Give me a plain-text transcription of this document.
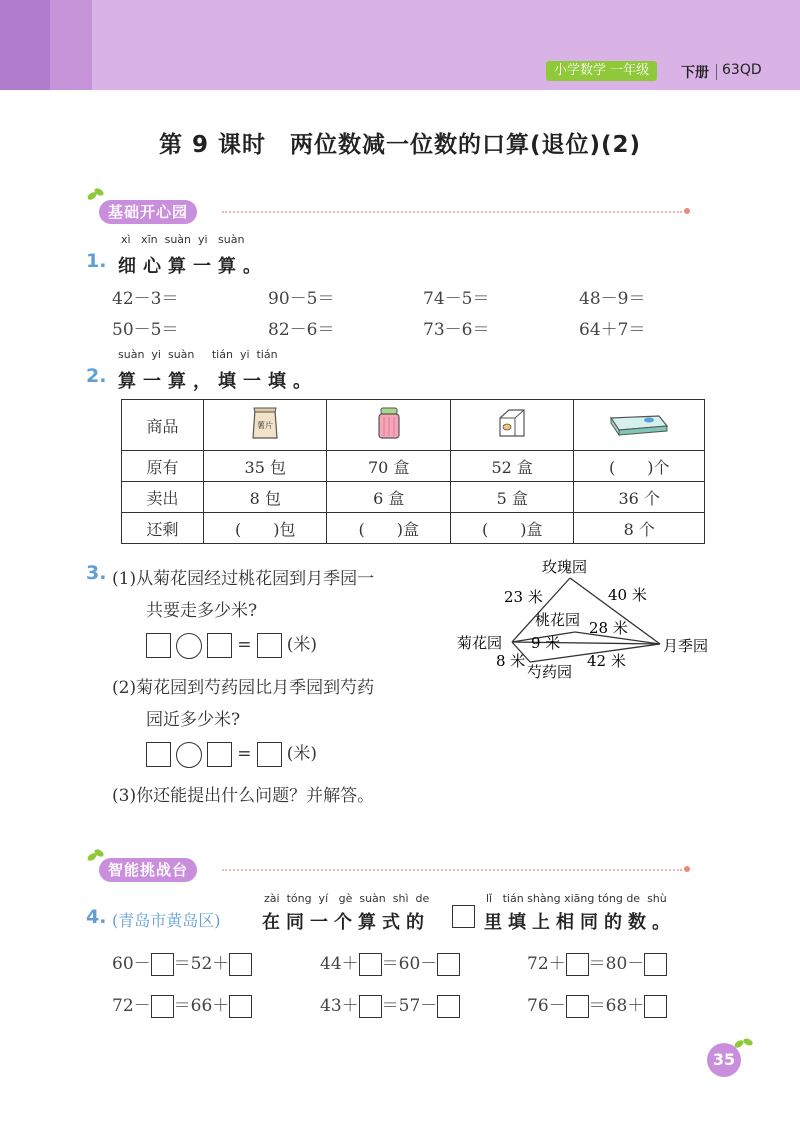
小学数学 一年级	下册 63QD
第 9 课时　两位数减一位数的口算(退位)(2)
基础开心园
xì   xīn  suàn  yi   suàn
1. 细心算一算。
42－3＝	90－5＝	74－5＝	48－9＝
50－5＝	82－6＝	73－6＝	64＋7＝
suàn  yi  suàn     tián  yi  tián
2. 算一算，填一填。
商品	薯片

原有	35 包	70 盒	52 盒	(　　)个
卖出	8 包	6 盒	5 盒	36 个
还剩	(　　)包	(　　)盒	(　　)盒	8 个
3. (1)从菊花园经过桃花园到月季园一
共要走多少米?
= (米)
(2)菊花园到芍药园比月季园到芍药
园近多少米?
= (米)
(3)你还能提出什么问题？并解答。
玫瑰园
桃花园
菊花园
芍药园
月季园
23 米	40 米
9 米
28 米
8 米	42 米
智能挑战台
zài  tóng  yí   gè  suàn  shì  de	lǐ   tián shàng xiāng tóng de  shù
4. (青岛市黄岛区) 在同一个算式的	里填上相同的数。
60－ ＝52＋	44＋ ＝60－	72＋ ＝80－
72－ ＝66＋	43＋ ＝57－	76－ ＝68＋
35
